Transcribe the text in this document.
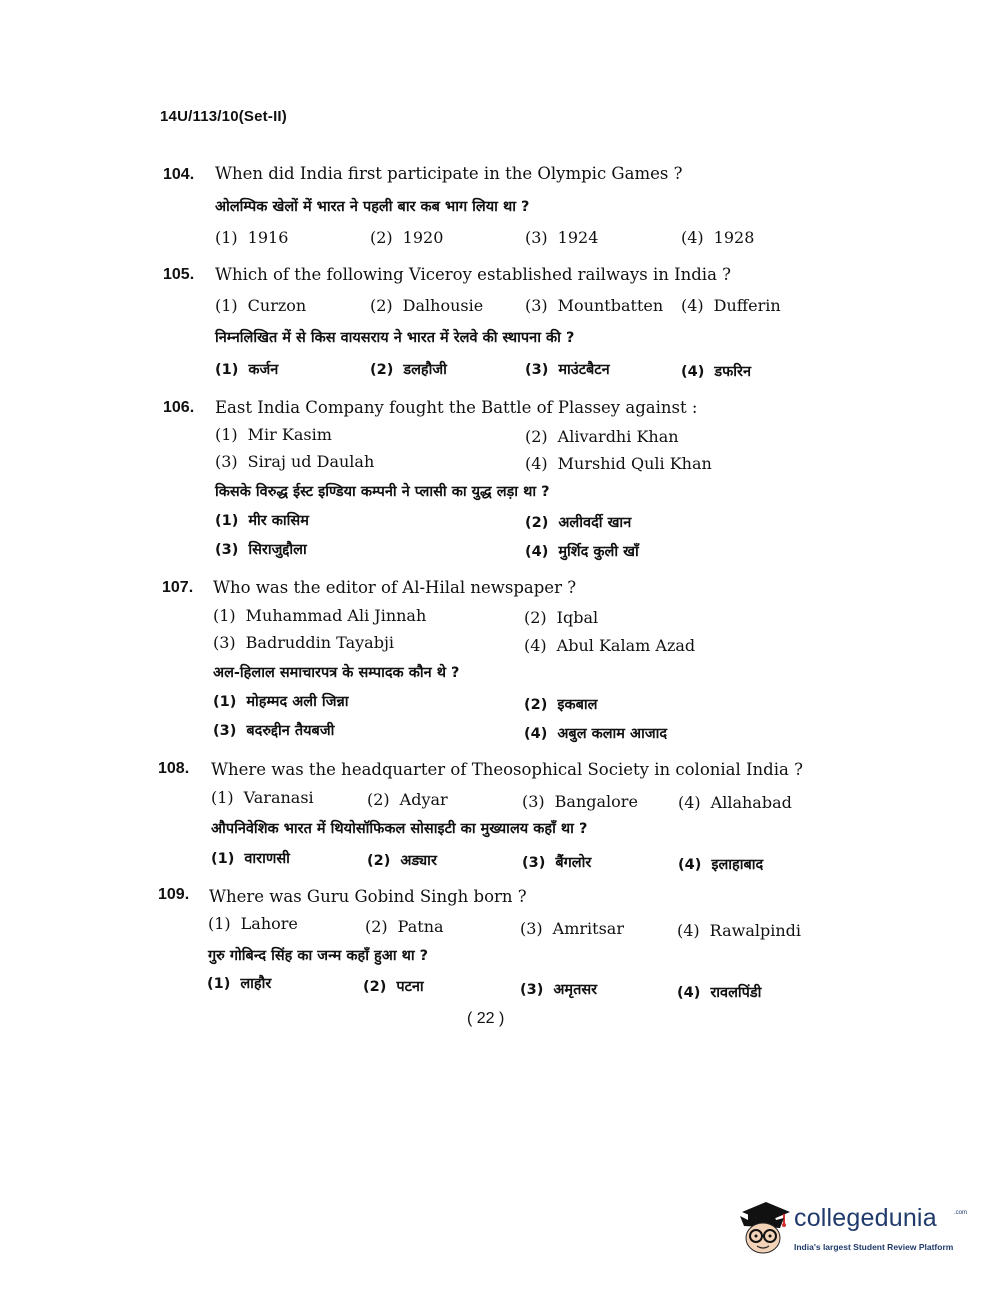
14U/113/10(Set-II)
104. When did India first participate in the Olympic Games ?
ओलम्पिक खेलों में भारत ने पहली बार कब भाग लिया था ?
(1) 1916	(2) 1920	(3) 1924	(4) 1928
105. Which of the following Viceroy established railways in India ?
(1) Curzon	(2) Dalhousie	(3) Mountbatten (4) Dufferin
निम्नलिखित में से किस वायसराय ने भारत में रेलवे की स्थापना की ?
(1) कर्जन	(2) डलहौजी	(3) माउंटबैटन	(4) डफरिन
106. East India Company fought the Battle of Plassey against :
(1) Mir Kasim	(2) Alivardhi Khan
(3) Siraj ud Daulah	(4) Murshid Quli Khan
किसके विरुद्ध ईस्ट इण्डिया कम्पनी ने प्लासी का युद्ध लड़ा था ?
(1) मीर कासिम	(2) अलीवर्दी खान
(3) सिराजुद्दौला	(4) मुर्शिद कुली खाँ
107. Who was the editor of Al-Hilal newspaper ?
(1) Muhammad Ali Jinnah	(2) Iqbal
(3) Badruddin Tayabji	(4) Abul Kalam Azad
अल-हिलाल समाचारपत्र के सम्पादक कौन थे ?
(1) मोहम्मद अली जिन्ना	(2) इकबाल
(3) बदरुद्दीन तैयबजी	(4) अबुल कलाम आजाद
108. Where was the headquarter of Theosophical Society in colonial India ?
(1) Varanasi	(2) Adyar	(3) Bangalore	(4) Allahabad
औपनिवेशिक भारत में थियोसॉफिकल सोसाइटी का मुख्यालय कहाँ था ?
(1) वाराणसी	(2) अड्यार	(3) बैंगलोर	(4) इलाहाबाद
109. Where was Guru Gobind Singh born ?
(1) Lahore	(2) Patna	(3) Amritsar	(4) Rawalpindi
गुरु गोबिन्द सिंह का जन्म कहाँ हुआ था ?
(1) लाहौर	(2) पटना	(3) अमृतसर	(4) रावलपिंडी
( 22 )
collegedunia	.com
India's largest Student Review Platform
